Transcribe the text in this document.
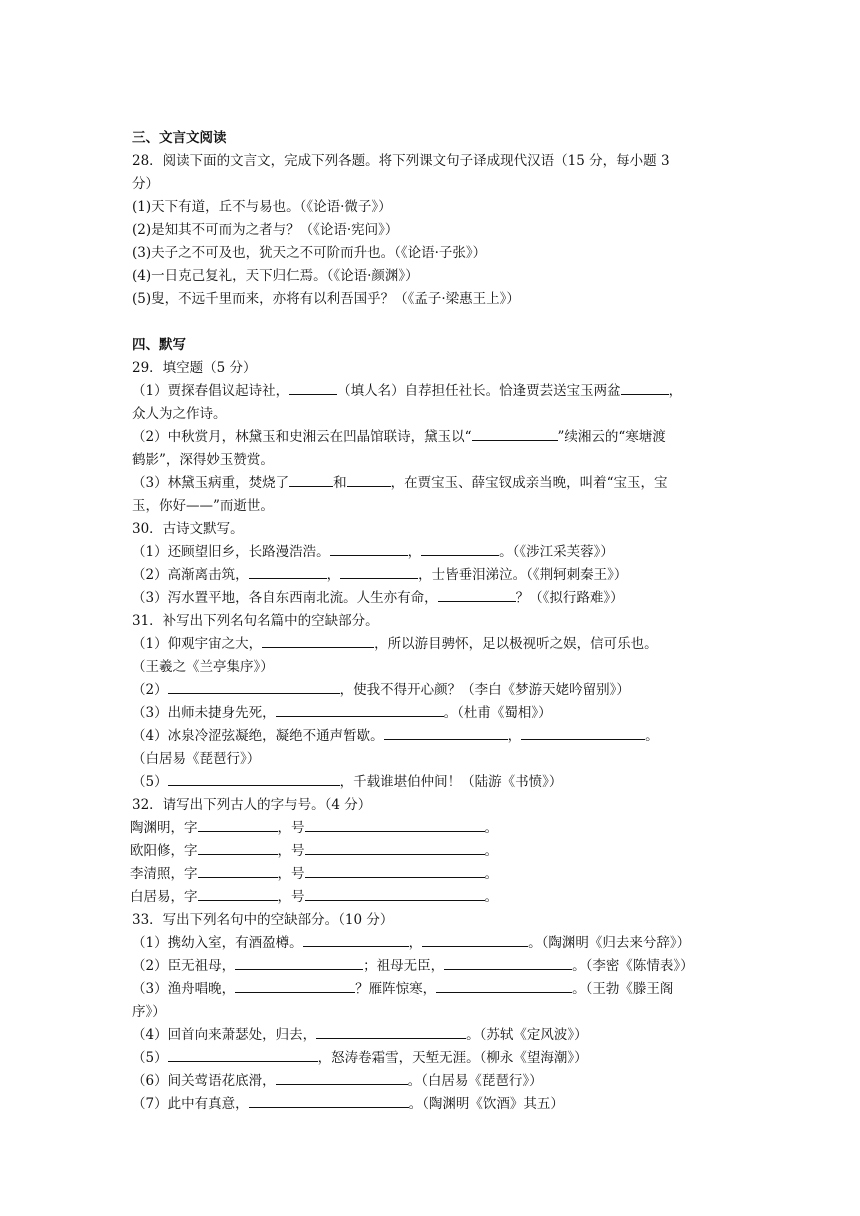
三、文言文阅读
28．阅读下面的文言文，完成下列各题。将下列课文句子译成现代汉语（15 分，每小题 3
分）
(1)天下有道，丘不与易也。（《论语·微子》）
(2)是知其不可而为之者与？（《论语·宪问》）
(3)夫子之不可及也，犹天之不可阶而升也。（《论语·子张》）
(4)一日克己复礼，天下归仁焉。（《论语·颜渊》）
(5)叟，不远千里而来，亦将有以利吾国乎？（《孟子·梁惠王上》）
四、默写
29．填空题（5 分）
（1）贾探春倡议起诗社，	（填人名）自荐担任社长。恰逢贾芸送宝玉两盆	，
众人为之作诗。
（2）中秋赏月，林黛玉和史湘云在凹晶馆联诗，黛玉以“	”续湘云的“寒塘渡
鹤影”，深得妙玉赞赏。
（3）林黛玉病重，焚烧了	和	，在贾宝玉、薛宝钗成亲当晚，叫着“宝玉，宝
玉，你好——”而逝世。
30．古诗文默写。
（1）还顾望旧乡，长路漫浩浩。	，	。（《涉江采芙蓉》）
（2）高渐离击筑，	，	，士皆垂泪涕泣。（《荆轲刺秦王》）
（3）泻水置平地，各自东西南北流。人生亦有命，	？（《拟行路难》）
31．补写出下列名句名篇中的空缺部分。
（1）仰观宇宙之大，	，所以游目骋怀，足以极视听之娱，信可乐也。
（王羲之《兰亭集序》）
（2）	，使我不得开心颜？（李白《梦游天姥吟留别》）
（3）出师未捷身先死，	。（杜甫《蜀相》）
（4）冰泉冷涩弦凝绝，凝绝不通声暂歇。	，	。
（白居易《琵琶行》）
（5）	，千载谁堪伯仲间！（陆游《书愤》）
32．请写出下列古人的字与号。（4 分）
陶渊明，字	，号	。
欧阳修，字	，号	。
李清照，字	，号	。
白居易，字	，号	。
33．写出下列名句中的空缺部分。（10 分）
（1）携幼入室，有酒盈樽。	，	。（陶渊明《归去来兮辞》）
（2）臣无祖母，	；祖母无臣，	。（李密《陈情表》）
（3）渔舟唱晚，	？雁阵惊寒，	。（王勃《滕王阁
序》）
（4）回首向来萧瑟处，归去，	。（苏轼《定风波》）
（5）	，怒涛卷霜雪，天堑无涯。（柳永《望海潮》）
（6）间关莺语花底滑，	。（白居易《琵琶行》）
（7）此中有真意，	。（陶渊明《饮酒》其五）
